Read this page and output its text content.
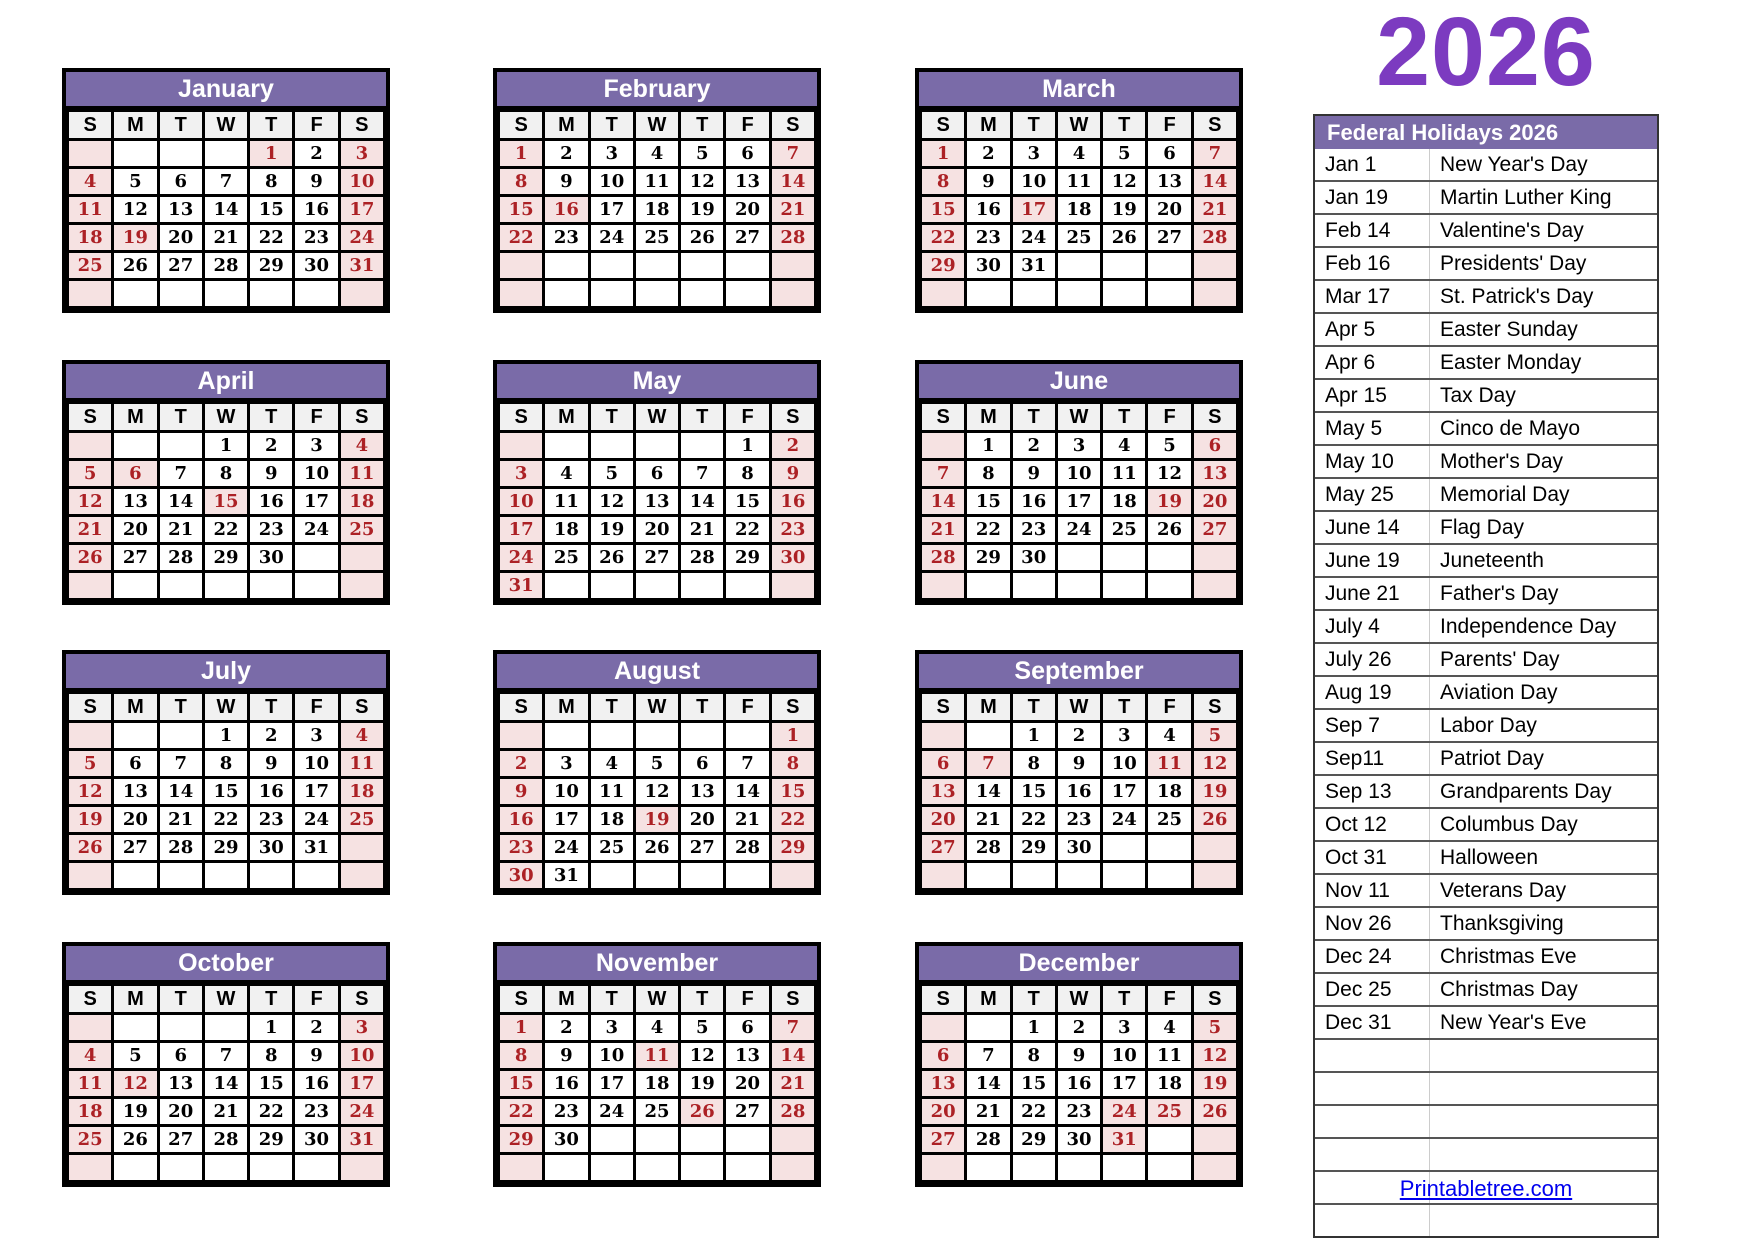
January
S	M	T	W	T	F	S
				1	2	3
4	5	6	7	8	9	10
11	12	13	14	15	16	17
18	19	20	21	22	23	24
25	26	27	28	29	30	31

February
S	M	T	W	T	F	S
1	2	3	4	5	6	7
8	9	10	11	12	13	14
15	16	17	18	19	20	21
22	23	24	25	26	27	28

March
S	M	T	W	T	F	S
1	2	3	4	5	6	7
8	9	10	11	12	13	14
15	16	17	18	19	20	21
22	23	24	25	26	27	28
29	30	31				

April
S	M	T	W	T	F	S
			1	2	3	4
5	6	7	8	9	10	11
12	13	14	15	16	17	18
21	20	21	22	23	24	25
26	27	28	29	30		

May
S	M	T	W	T	F	S
					1	2
3	4	5	6	7	8	9
10	11	12	13	14	15	16
17	18	19	20	21	22	23
24	25	26	27	28	29	30
31						
June
S	M	T	W	T	F	S
	1	2	3	4	5	6
7	8	9	10	11	12	13
14	15	16	17	18	19	20
21	22	23	24	25	26	27
28	29	30				

July
S	M	T	W	T	F	S
			1	2	3	4
5	6	7	8	9	10	11
12	13	14	15	16	17	18
19	20	21	22	23	24	25
26	27	28	29	30	31	

August
S	M	T	W	T	F	S
						1
2	3	4	5	6	7	8
9	10	11	12	13	14	15
16	17	18	19	20	21	22
23	24	25	26	27	28	29
30	31					
September
S	M	T	W	T	F	S
		1	2	3	4	5
6	7	8	9	10	11	12
13	14	15	16	17	18	19
20	21	22	23	24	25	26
27	28	29	30			

October
S	M	T	W	T	F	S
				1	2	3
4	5	6	7	8	9	10
11	12	13	14	15	16	17
18	19	20	21	22	23	24
25	26	27	28	29	30	31

November
S	M	T	W	T	F	S
1	2	3	4	5	6	7
8	9	10	11	12	13	14
15	16	17	18	19	20	21
22	23	24	25	26	27	28
29	30					

December
S	M	T	W	T	F	S
		1	2	3	4	5
6	7	8	9	10	11	12
13	14	15	16	17	18	19
20	21	22	23	24	25	26
27	28	29	30	31		

2026
Federal Holidays 2026
Jan 1	New Year's Day
Jan 19	Martin Luther King
Feb 14	Valentine's Day
Feb 16	Presidents' Day
Mar 17	St. Patrick's Day
Apr 5	Easter Sunday
Apr 6	Easter Monday
Apr 15	Tax Day
May 5	Cinco de Mayo
May 10	Mother's Day
May 25	Memorial Day
June 14	Flag Day
June 19	Juneteenth
June 21	Father's Day
July 4	Independence Day
July 26	Parents' Day
Aug 19	Aviation Day
Sep 7	Labor Day
Sep11	Patriot Day
Sep 13	Grandparents Day
Oct 12	Columbus Day
Oct 31	Halloween
Nov 11	Veterans Day
Nov 26	Thanksgiving
Dec 24	Christmas Eve
Dec 25	Christmas Day
Dec 31	New Year's Eve

Printabletree.com
